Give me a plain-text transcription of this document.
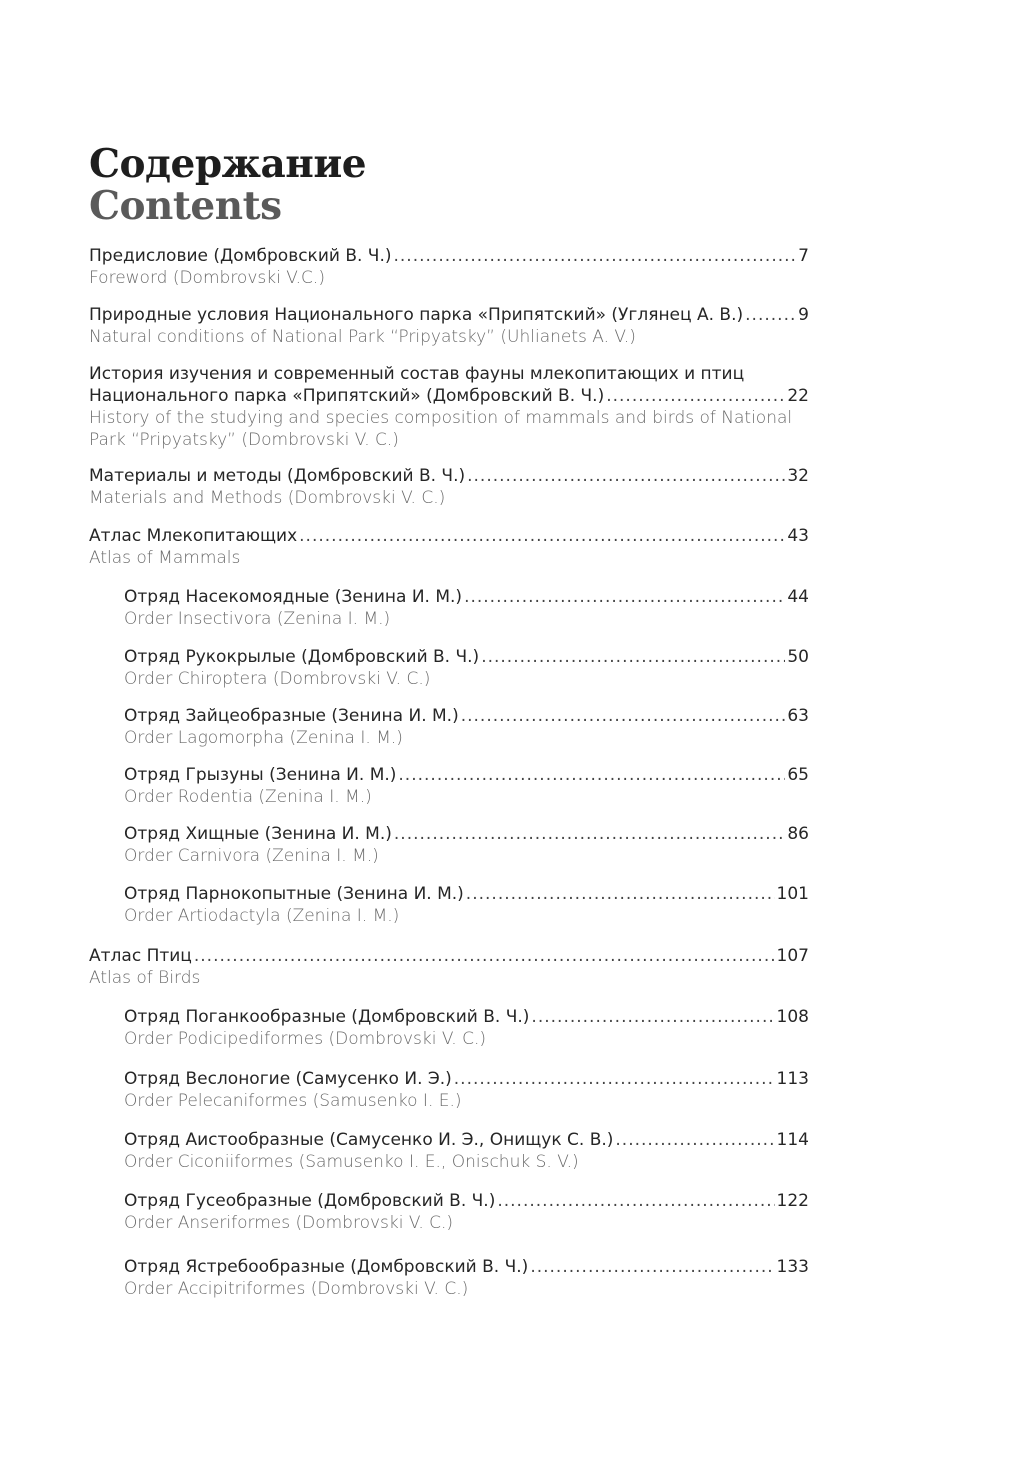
Содержание
Contents
Предисловие (Домбровский В. Ч.) .....	7
Foreword (Dombrovski V.C.)
Природные условия Национального парка «Припятский» (Углянец А. В.) .....	9
Natural conditions of National Park “Pripyatsky” (Uhlianets A. V.)
История изучения и современный состав фауны млекопитающих и птиц
Национального парка «Припятский» (Домбровский В. Ч.) .....	22
History of the studying and species composition of mammals and birds of National
Park “Pripyatsky” (Dombrovski V. C.)
Материалы и методы (Домбровский В. Ч.) .....	32
Materials and Methods (Dombrovski V. C.)
Атлас Млекопитающих .....	43
Atlas of Mammals
Отряд Насекомоядные (Зенина И. М.) .....	44
Order Insectivora (Zenina I. M.)
Отряд Рукокрылые (Домбровский В. Ч.) .....	50
Order Chiroptera (Dombrovski V. C.)
Отряд Зайцеобразные (Зенина И. М.) .....	63
Order Lagomorpha (Zenina I. M.)
Отряд Грызуны (Зенина И. М.) .....	65
Order Rodentia (Zenina I. M.)
Отряд Хищные (Зенина И. М.) .....	86
Order Carnivora (Zenina I. M.)
Отряд Парнокопытные (Зенина И. М.) .....	101
Order Artiodactyla (Zenina I. M.)
Атлас Птиц .....	107
Atlas of Birds
Отряд Поганкообразные (Домбровский В. Ч.) .....	108
Order Podicipediformes (Dombrovski V. C.)
Отряд Веслоногие (Самусенко И. Э.) .....	113
Order Pelecaniformes (Samusenko I. E.)
Отряд Аистообразные (Самусенко И. Э., Онищук С. В.) .....	114
Order Ciconiiformes (Samusenko I. E., Onischuk S. V.)
Отряд Гусеобразные (Домбровский В. Ч.) .....	122
Order Anseriformes (Dombrovski V. C.)
Отряд Ястребообразные (Домбровский В. Ч.) .....	133
Order Accipitriformes (Dombrovski V. C.)
